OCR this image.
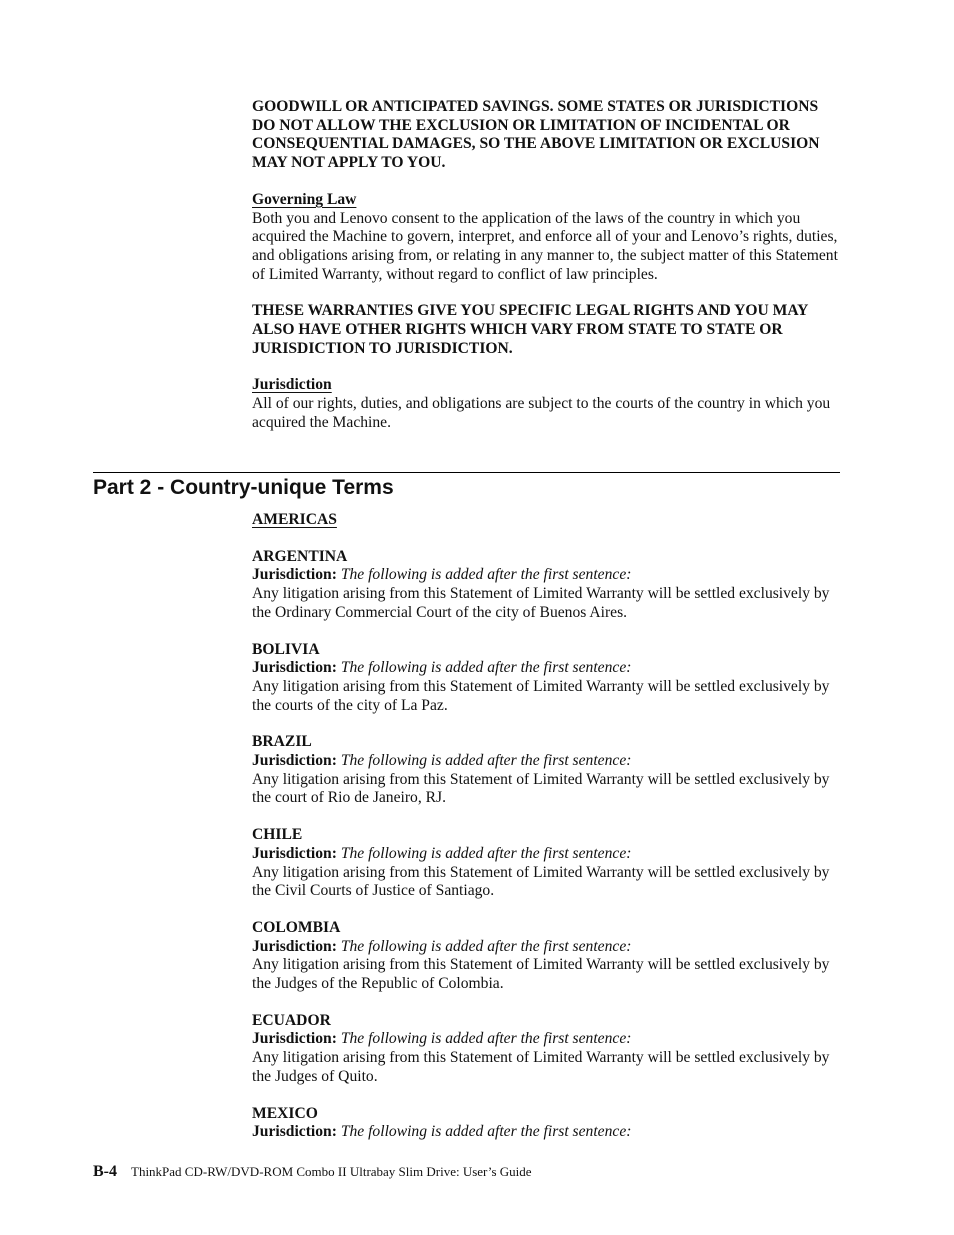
GOODWILL OR ANTICIPATED SAVINGS. SOME STATES OR JURISDICTIONS DO NOT ALLOW THE EXCLUSION OR LIMITATION OF INCIDENTAL OR CONSEQUENTIAL DAMAGES, SO THE ABOVE LIMITATION OR EXCLUSION MAY NOT APPLY TO YOU.

Governing Law

Both you and Lenovo consent to the application of the laws of the country in which you acquired the Machine to govern, interpret, and enforce all of your and Lenovo’s rights, duties, and obligations arising from, or relating in any manner to, the subject matter of this Statement of Limited Warranty, without regard to conflict of law principles.

THESE WARRANTIES GIVE YOU SPECIFIC LEGAL RIGHTS AND YOU MAY ALSO HAVE OTHER RIGHTS WHICH VARY FROM STATE TO STATE OR JURISDICTION TO JURISDICTION.

Jurisdiction

All of our rights, duties, and obligations are subject to the courts of the country in which you acquired the Machine.

Part 2 - Country-unique Terms
AMERICAS
ARGENTINA
Jurisdiction: The following is added after the first sentence:
Any litigation arising from this Statement of Limited Warranty will be settled exclusively by the Ordinary Commercial Court of the city of Buenos Aires.
BOLIVIA
Jurisdiction: The following is added after the first sentence:
Any litigation arising from this Statement of Limited Warranty will be settled exclusively by the courts of the city of La Paz.
BRAZIL
Jurisdiction: The following is added after the first sentence:
Any litigation arising from this Statement of Limited Warranty will be settled exclusively by the court of Rio de Janeiro, RJ.
CHILE
Jurisdiction: The following is added after the first sentence:
Any litigation arising from this Statement of Limited Warranty will be settled exclusively by the Civil Courts of Justice of Santiago.
COLOMBIA
Jurisdiction: The following is added after the first sentence:
Any litigation arising from this Statement of Limited Warranty will be settled exclusively by the Judges of the Republic of Colombia.
ECUADOR
Jurisdiction: The following is added after the first sentence:
Any litigation arising from this Statement of Limited Warranty will be settled exclusively by the Judges of Quito.
MEXICO
Jurisdiction: The following is added after the first sentence:
B-4 ThinkPad CD-RW/DVD-ROM Combo II Ultrabay Slim Drive: User’s Guide
